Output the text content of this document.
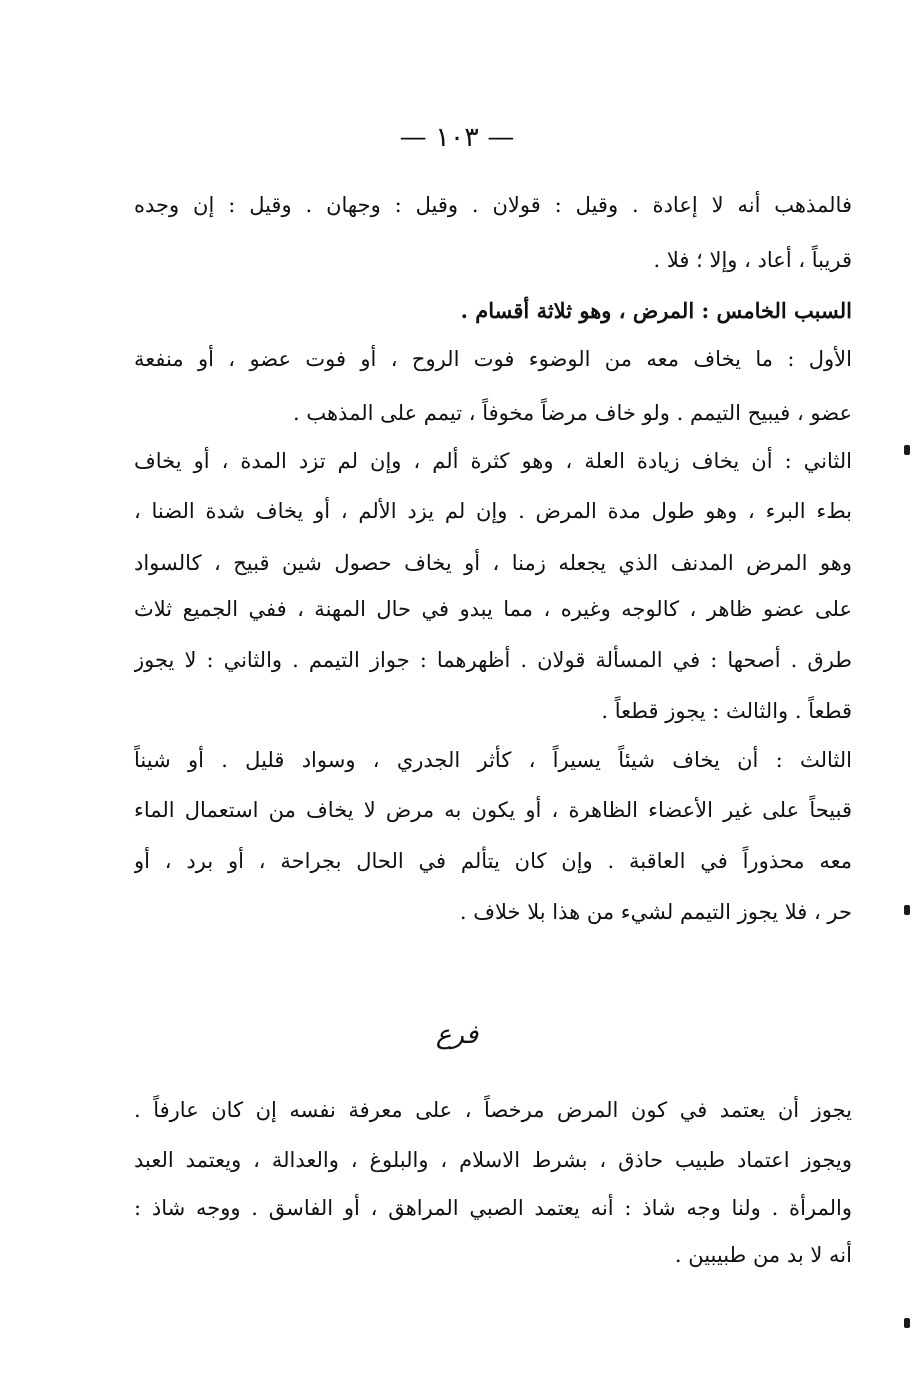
— ١٠٣ —
فالمذهب أنه لا إعادة . وقيل : قولان . وقيل : وجهان . وقيل : إن وجده
قريباً ، أعاد ، وإلا ؛ فلا .
السبب الخامس : المرض ، وهو ثلاثة أقسام .
الأول : ما يخاف معه من الوضوء فوت الروح ، أو فوت عضو ، أو منفعة
عضو ، فيبيح التيمم . ولو خاف مرضاً مخوفاً ، تيمم على المذهب .
الثاني : أن يخاف زيادة العلة ، وهو كثرة ألم ، وإن لم تزد المدة ، أو يخاف
بطء البرء ، وهو طول مدة المرض . وإن لم يزد الألم ، أو يخاف شدة الضنا ،
وهو المرض المدنف الذي يجعله زمنا ، أو يخاف حصول شين قبيح ، كالسواد
على عضو ظاهر ، كالوجه وغيره ، مما يبدو في حال المهنة ، ففي الجميع ثلاث
طرق . أصحها : في المسألة قولان . أظهرهما : جواز التيمم . والثاني : لا يجوز
قطعاً . والثالث : يجوز قطعاً .
الثالث : أن يخاف شيئاً يسيراً ، كأثر الجدري ، وسواد قليل . أو شيناً
قبيحاً على غير الأعضاء الظاهرة ، أو يكون به مرض لا يخاف من استعمال الماء
معه محذوراً في العاقبة . وإن كان يتألم في الحال بجراحة ، أو برد ، أو
حر ، فلا يجوز التيمم لشيء من هذا بلا خلاف .
فرع
يجوز أن يعتمد في كون المرض مرخصاً ، على معرفة نفسه إن كان عارفاً .
ويجوز اعتماد طبيب حاذق ، بشرط الاسلام ، والبلوغ ، والعدالة ، ويعتمد العبد
والمرأة . ولنا وجه شاذ : أنه يعتمد الصبي المراهق ، أو الفاسق . ووجه شاذ :
أنه لا بد من طبيبين .
